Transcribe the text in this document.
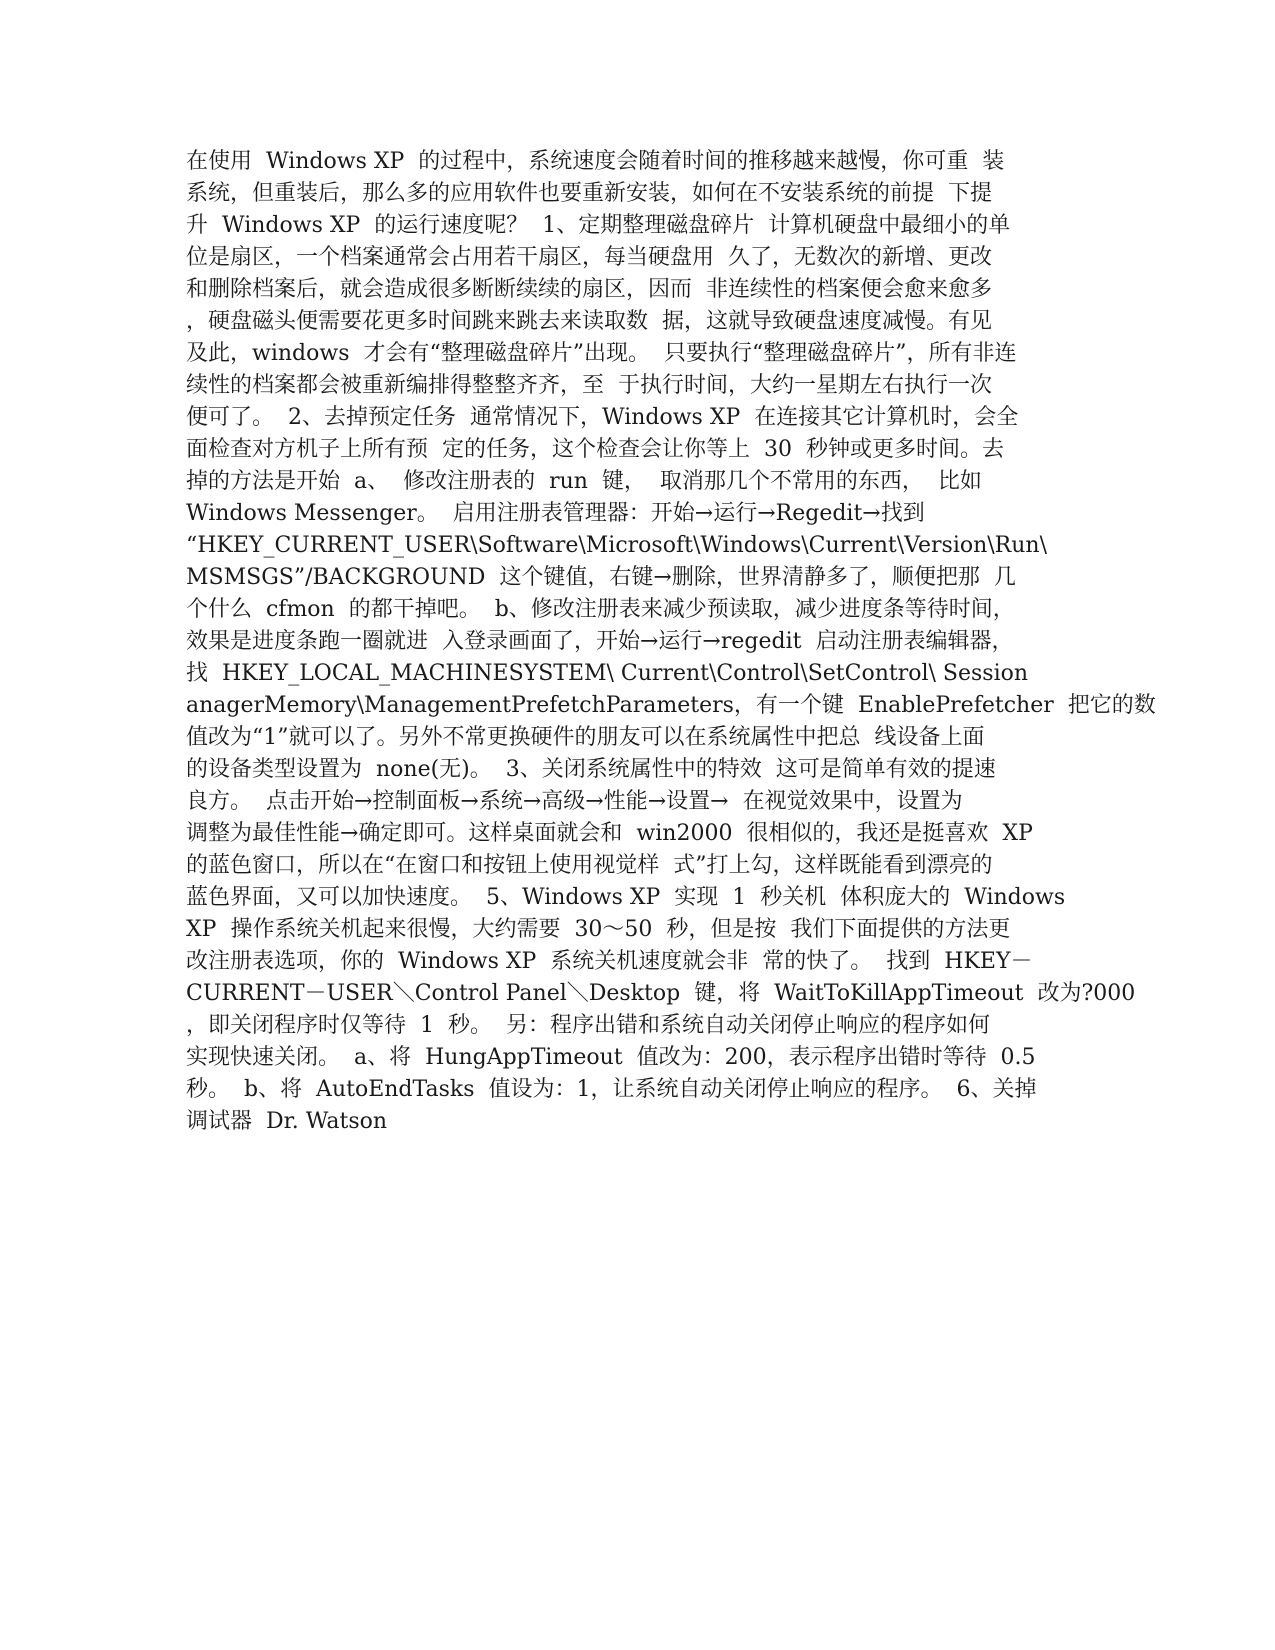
在使用  Windows XP  的过程中，系统速度会随着时间的推移越来越慢，你可重  装
系统，但重装后，那么多的应用软件也要重新安装，如何在不安装系统的前提  下提
升  Windows XP  的运行速度呢？  1、定期整理磁盘碎片  计算机硬盘中最细小的单
位是扇区，一个档案通常会占用若干扇区，每当硬盘用  久了，无数次的新增、更改
和删除档案后，就会造成很多断断续续的扇区，因而  非连续性的档案便会愈来愈多
，硬盘磁头便需要花更多时间跳来跳去来读取数  据，这就导致硬盘速度减慢。有见
及此，windows  才会有“整理磁盘碎片”出现。  只要执行“整理磁盘碎片”，所有非连
续性的档案都会被重新编排得整整齐齐，至  于执行时间，大约一星期左右执行一次
便可了。  2、去掉预定任务  通常情况下，Windows XP  在连接其它计算机时，会全
面检查对方机子上所有预  定的任务，这个检查会让你等上  30  秒钟或更多时间。去
掉的方法是开始  a、  修改注册表的  run  键，  取消那几个不常用的东西，  比如
Windows Messenger。  启用注册表管理器：开始→运行→Regedit→找到
“HKEY_CURRENT_USER\Software\Microsoft\Windows\Current\Version\Run\
MSMSGS”/BACKGROUND  这个键值，右键→删除，世界清静多了，顺便把那  几
个什么  cfmon  的都干掉吧。  b、修改注册表来减少预读取，减少进度条等待时间，
效果是进度条跑一圈就进  入登录画面了，开始→运行→regedit  启动注册表编辑器，
找  HKEY_LOCAL_MACHINESYSTEM\ Current\Control\SetControl\ Session
anagerMemory\ManagementPrefetchParameters，有一个键  EnablePrefetcher  把它的数
值改为“1”就可以了。另外不常更换硬件的朋友可以在系统属性中把总  线设备上面
的设备类型设置为  none(无)。  3、关闭系统属性中的特效  这可是简单有效的提速
良方。  点击开始→控制面板→系统→高级→性能→设置→  在视觉效果中，设置为
调整为最佳性能→确定即可。这样桌面就会和  win2000  很相似的，我还是挺喜欢  XP
的蓝色窗口，所以在“在窗口和按钮上使用视觉样  式”打上勾，这样既能看到漂亮的
蓝色界面，又可以加快速度。  5、Windows XP  实现  1  秒关机  体积庞大的  Windows
XP  操作系统关机起来很慢，大约需要  30～50  秒，但是按  我们下面提供的方法更
改注册表选项，你的  Windows XP  系统关机速度就会非  常的快了。  找到  HKEY－
CURRENT－USER＼Control Panel＼Desktop  键，将  WaitToKillAppTimeout  改为?000
，即关闭程序时仅等待  1  秒。  另：程序出错和系统自动关闭停止响应的程序如何
实现快速关闭。  a、将  HungAppTimeout  值改为：200，表示程序出错时等待  0.5
秒。  b、将  AutoEndTasks  值设为：1，让系统自动关闭停止响应的程序。  6、关掉
调试器  Dr. Watson
